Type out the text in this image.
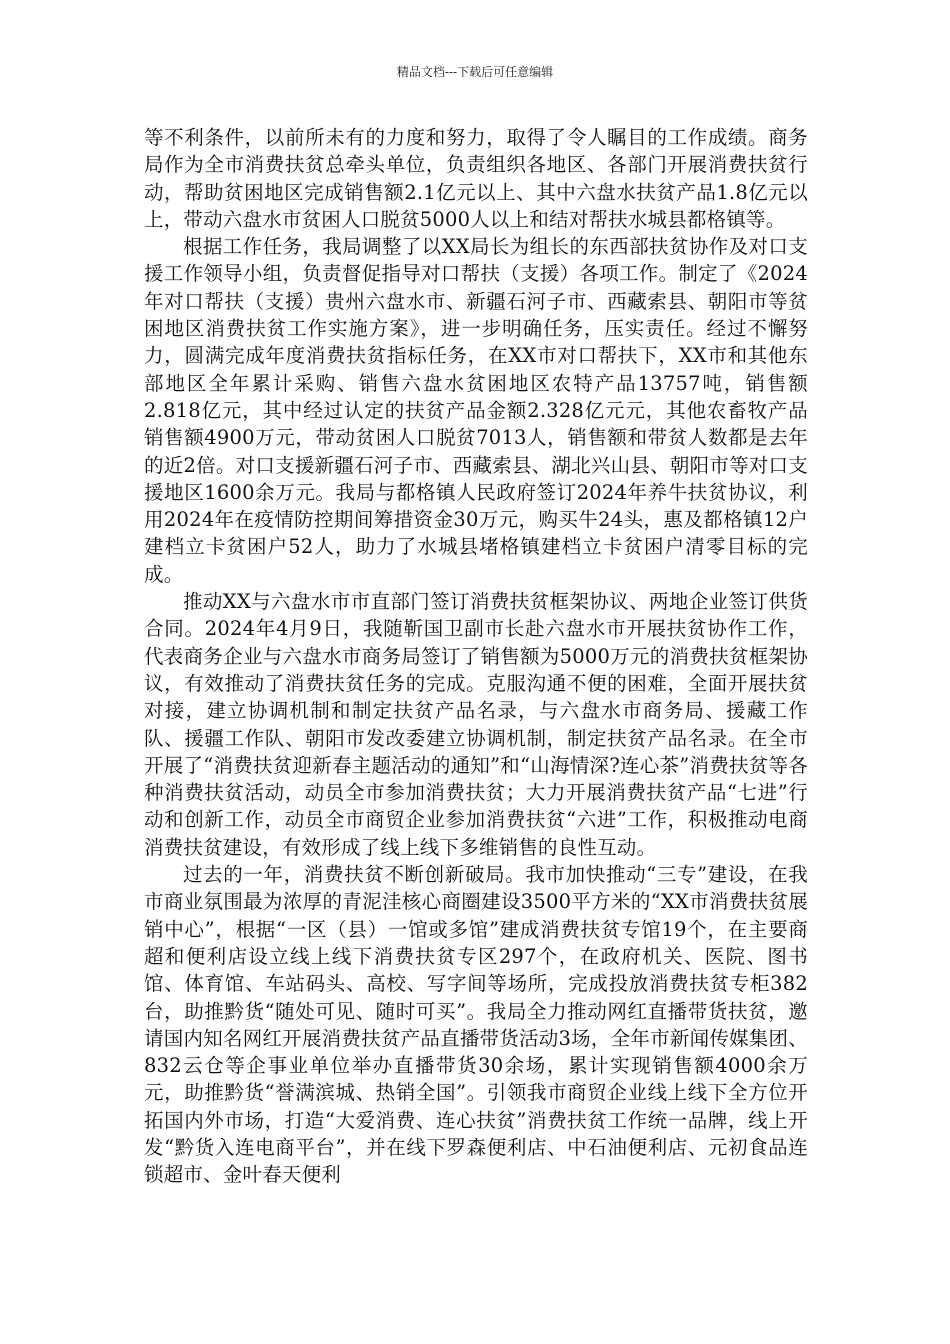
精品文档---下载后可任意编辑

等不利条件，以前所未有的力度和努力，取得了令人瞩目的工作成绩。商务局作为全市消费扶贫总牵头单位，负责组织各地区、各部门开展消费扶贫行动，帮助贫困地区完成销售额2.1亿元以上、其中六盘水扶贫产品1.8亿元以上，带动六盘水市贫困人口脱贫5000人以上和结对帮扶水城县都格镇等。

根据工作任务，我局调整了以XX局长为组长的东西部扶贫协作及对口支援工作领导小组，负责督促指导对口帮扶（支援）各项工作。制定了《2024年对口帮扶（支援）贵州六盘水市、新疆石河子市、西藏索县、朝阳市等贫困地区消费扶贫工作实施方案》，进一步明确任务，压实责任。经过不懈努力，圆满完成年度消费扶贫指标任务，在XX市对口帮扶下，XX市和其他东部地区全年累计采购、销售六盘水贫困地区农特产品13757吨，销售额2.818亿元，其中经过认定的扶贫产品金额2.328亿元元，其他农畜牧产品销售额4900万元，带动贫困人口脱贫7013人，销售额和带贫人数都是去年的近2倍。对口支援新疆石河子市、西藏索县、湖北兴山县、朝阳市等对口支援地区1600余万元。我局与都格镇人民政府签订2024年养牛扶贫协议，利用2024年在疫情防控期间筹措资金30万元，购买牛24头，惠及都格镇12户建档立卡贫困户52人，助力了水城县堵格镇建档立卡贫困户清零目标的完成。

推动XX与六盘水市市直部门签订消费扶贫框架协议、两地企业签订供货合同。2024年4月9日，我随靳国卫副市长赴六盘水市开展扶贫协作工作，代表商务企业与六盘水市商务局签订了销售额为5000万元的消费扶贫框架协议，有效推动了消费扶贫任务的完成。克服沟通不便的困难，全面开展扶贫对接，建立协调机制和制定扶贫产品名录，与六盘水市商务局、援藏工作队、援疆工作队、朝阳市发改委建立协调机制，制定扶贫产品名录。在全市开展了“消费扶贫迎新春主题活动的通知”和“山海情深?连心茶”消费扶贫等各种消费扶贫活动，动员全市参加消费扶贫；大力开展消费扶贫产品“七进”行动和创新工作，动员全市商贸企业参加消费扶贫“六进”工作，积极推动电商消费扶贫建设，有效形成了线上线下多维销售的良性互动。

过去的一年，消费扶贫不断创新破局。我市加快推动“三专”建设，在我市商业氛围最为浓厚的青泥洼核心商圈建设3500平方米的“XX市消费扶贫展销中心”，根据“一区（县）一馆或多馆”建成消费扶贫专馆19个，在主要商超和便利店设立线上线下消费扶贫专区297个，在政府机关、医院、图书馆、体育馆、车站码头、高校、写字间等场所，完成投放消费扶贫专柜382台，助推黔货“随处可见、随时可买”。我局全力推动网红直播带货扶贫，邀请国内知名网红开展消费扶贫产品直播带货活动3场，全年市新闻传媒集团、832云仓等企事业单位举办直播带货30余场，累计实现销售额4000余万元，助推黔货“誉满滨城、热销全国”。引领我市商贸企业线上线下全方位开拓国内外市场，打造“大爱消费、连心扶贫”消费扶贫工作统一品牌，线上开发“黔货入连电商平台”，并在线下罗森便利店、中石油便利店、元初食品连锁超市、金叶春天便利
